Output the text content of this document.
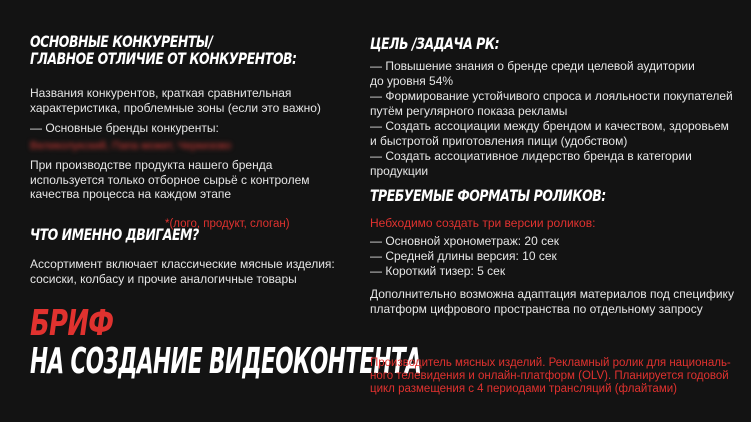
ОСНОВНЫЕ КОНКУРЕНТЫ/
ГЛАВНОЕ ОТЛИЧИЕ ОТ КОНКУРЕНТОВ:
Названия конкурентов, краткая сравнительная
характеристика, проблемные зоны (если это важно)
— Основные бренды конкуренты:
Великолукский, Папа может, Черкизово
При производстве продукта нашего бренда
используется только отборное сырьё с контролем
качества процесса на каждом этапе
ЧТО ИМЕННО ДВИГАЕМ?
*(лого, продукт, слоган)
Ассортимент включает классические мясные изделия:
сосиски, колбасу и прочие аналогичные товары
БРИФ
НА СОЗДАНИЕ ВИДЕОКОНТЕНТА
ЦЕЛЬ /ЗАДАЧА РК:
— Повышение знания о бренде среди целевой аудитории
до уровня 54%
— Формирование устойчивого спроса и лояльности покупателей
путём регулярного показа рекламы
— Создать ассоциации между брендом и качеством, здоровьем
и быстротой приготовления пищи (удобством)
— Создать ассоциативное лидерство бренда в категории продукции
ТРЕБУЕМЫЕ ФОРМАТЫ РОЛИКОВ:
Небходимо создать три версии роликов:
— Основной хронометраж: 20 сек
— Средней длины версия: 10 сек
— Короткий тизер: 5 сек
Дополнительно возможна адаптация материалов под специфику
платформ цифрового пространства по отдельному запросу
Производитель мясных изделий. Рекламный ролик для националь-
ного телевидения и онлайн-платформ (OLV). Планируется годовой
цикл размещения с 4 периодами трансляций (флайтами)
